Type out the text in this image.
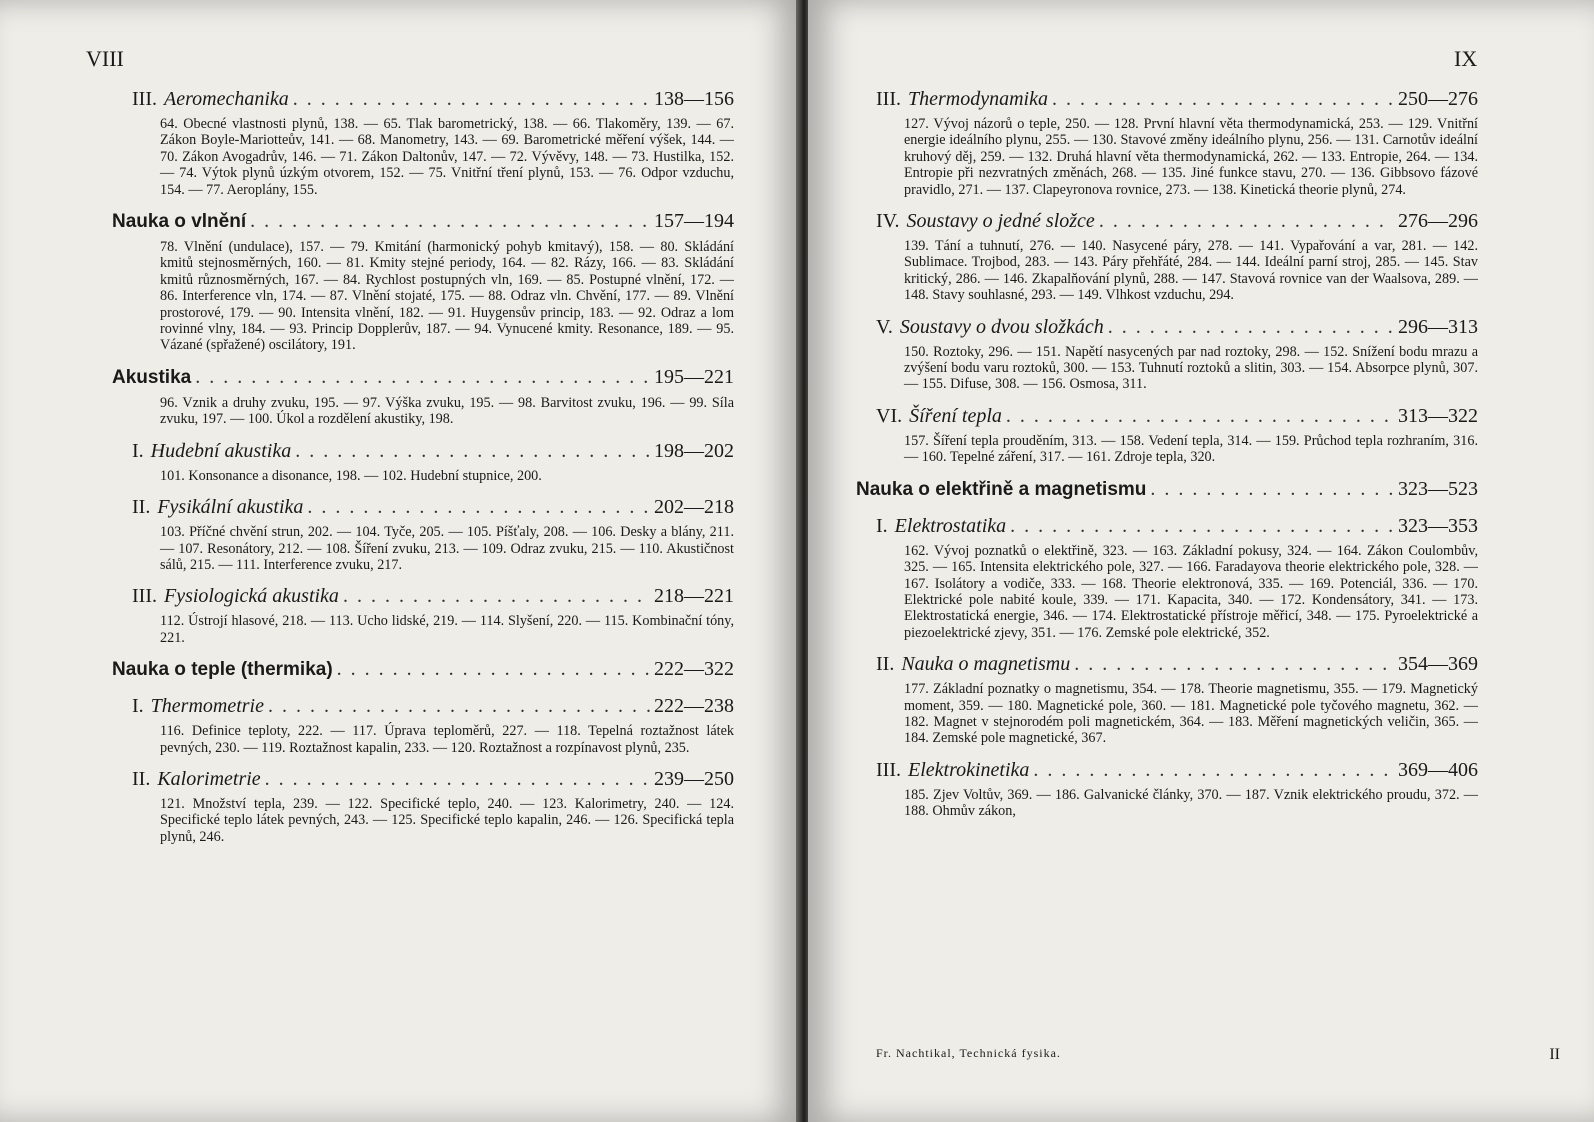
VIII
III. Aeromechanika . . .	138—156
64. Obecné vlastnosti plynů, 138. — 65. Tlak barometrický, 138. — 66. Tlakoměry, 139. — 67. Zákon Boyle-Mariotteův, 141. — 68. Manometry, 143. — 69. Barometrické měření výšek, 144. — 70. Zákon Avogadrův, 146. — 71. Zákon Daltonův, 147. — 72. Vývěvy, 148. — 73. Hustilka, 152. — 74. Výtok plynů úzkým otvorem, 152. — 75. Vnitřní tření plynů, 153. — 76. Odpor vzduchu, 154. — 77. Aeroplány, 155.
Nauka o vlnění . . .	157—194
78. Vlnění (undulace), 157. — 79. Kmitání (harmonický pohyb kmitavý), 158. — 80. Skládání kmitů stejnosměrných, 160. — 81. Kmity stejné periody, 164. — 82. Rázy, 166. — 83. Skládání kmitů různosměrných, 167. — 84. Rychlost postupných vln, 169. — 85. Postupné vlnění, 172. — 86. Interference vln, 174. — 87. Vlnění stojaté, 175. — 88. Odraz vln. Chvění, 177. — 89. Vlnění prostorové, 179. — 90. Intensita vlnění, 182. — 91. Huygensův princip, 183. — 92. Odraz a lom rovinné vlny, 184. — 93. Princip Dopplerův, 187. — 94. Vynucené kmity. Resonance, 189. — 95. Vázané (spřažené) oscilátory, 191.
Akustika . . .	195—221
96. Vznik a druhy zvuku, 195. — 97. Výška zvuku, 195. — 98. Barvitost zvuku, 196. — 99. Síla zvuku, 197. — 100. Úkol a rozdělení akustiky, 198.
I. Hudební akustika . . .	198—202
101. Konsonance a disonance, 198. — 102. Hudební stupnice, 200.
II. Fysikální akustika . . .	202—218
103. Příčné chvění strun, 202. — 104. Tyče, 205. — 105. Píšťaly, 208. — 106. Desky a blány, 211. — 107. Resonátory, 212. — 108. Šíření zvuku, 213. — 109. Odraz zvuku, 215. — 110. Akustičnost sálů, 215. — 111. Interference zvuku, 217.
III. Fysiologická akustika . . .	218—221
112. Ústrojí hlasové, 218. — 113. Ucho lidské, 219. — 114. Slyšení, 220. — 115. Kombinační tóny, 221.
Nauka o teple (thermika) . . .	222—322
I. Thermometrie . . .	222—238
116. Definice teploty, 222. — 117. Úprava teploměrů, 227. — 118. Tepelná roztažnost látek pevných, 230. — 119. Roztažnost kapalin, 233. — 120. Roztažnost a rozpínavost plynů, 235.
II. Kalorimetrie . . .	239—250
121. Množství tepla, 239. — 122. Specifické teplo, 240. — 123. Kalorimetry, 240. — 124. Specifické teplo látek pevných, 243. — 125. Specifické teplo kapalin, 246. — 126. Specifická tepla plynů, 246.
IX
III. Thermodynamika . . .	250—276
127. Vývoj názorů o teple, 250. — 128. První hlavní věta thermodynamická, 253. — 129. Vnitřní energie ideálního plynu, 255. — 130. Stavové změny ideálního plynu, 256. — 131. Carnotův ideální kruhový děj, 259. — 132. Druhá hlavní věta thermodynamická, 262. — 133. Entropie, 264. — 134. Entropie při nezvratných změnách, 268. — 135. Jiné funkce stavu, 270. — 136. Gibbsovo fázové pravidlo, 271. — 137. Clapeyronova rovnice, 273. — 138. Kinetická theorie plynů, 274.
IV. Soustavy o jedné složce . . .	276—296
139. Tání a tuhnutí, 276. — 140. Nasycené páry, 278. — 141. Vypařování a var, 281. — 142. Sublimace. Trojbod, 283. — 143. Páry přehřáté, 284. — 144. Ideální parní stroj, 285. — 145. Stav kritický, 286. — 146. Zkapalňování plynů, 288. — 147. Stavová rovnice van der Waalsova, 289. — 148. Stavy souhlasné, 293. — 149. Vlhkost vzduchu, 294.
V. Soustavy o dvou složkách . . .	296—313
150. Roztoky, 296. — 151. Napětí nasycených par nad roztoky, 298. — 152. Snížení bodu mrazu a zvýšení bodu varu roztoků, 300. — 153. Tuhnutí roztoků a slitin, 303. — 154. Absorpce plynů, 307. — 155. Difuse, 308. — 156. Osmosa, 311.
VI. Šíření tepla . . .	313—322
157. Šíření tepla prouděním, 313. — 158. Vedení tepla, 314. — 159. Průchod tepla rozhraním, 316. — 160. Tepelné záření, 317. — 161. Zdroje tepla, 320.
Nauka o elektřině a magnetismu . . .	323—523
I. Elektrostatika . . .	323—353
162. Vývoj poznatků o elektřině, 323. — 163. Základní pokusy, 324. — 164. Zákon Coulombův, 325. — 165. Intensita elektrického pole, 327. — 166. Faradayova theorie elektrického pole, 328. — 167. Isolátory a vodiče, 333. — 168. Theorie elektronová, 335. — 169. Potenciál, 336. — 170. Elektrické pole nabité koule, 339. — 171. Kapacita, 340. — 172. Kondensátory, 341. — 173. Elektrostatická energie, 346. — 174. Elektrostatické přístroje měřicí, 348. — 175. Pyroelektrické a piezoelektrické zjevy, 351. — 176. Zemské pole elektrické, 352.
II. Nauka o magnetismu . . .	354—369
177. Základní poznatky o magnetismu, 354. — 178. Theorie magnetismu, 355. — 179. Magnetický moment, 359. — 180. Magnetické pole, 360. — 181. Magnetické pole tyčového magnetu, 362. — 182. Magnet v stejnorodém poli magnetickém, 364. — 183. Měření magnetických veličin, 365. — 184. Zemské pole magnetické, 367.
III. Elektrokinetika . . .	369—406
185. Zjev Voltův, 369. — 186. Galvanické články, 370. — 187. Vznik elektrického proudu, 372. — 188. Ohmův zákon,
Fr. Nachtikal, Technická fysika.	II
